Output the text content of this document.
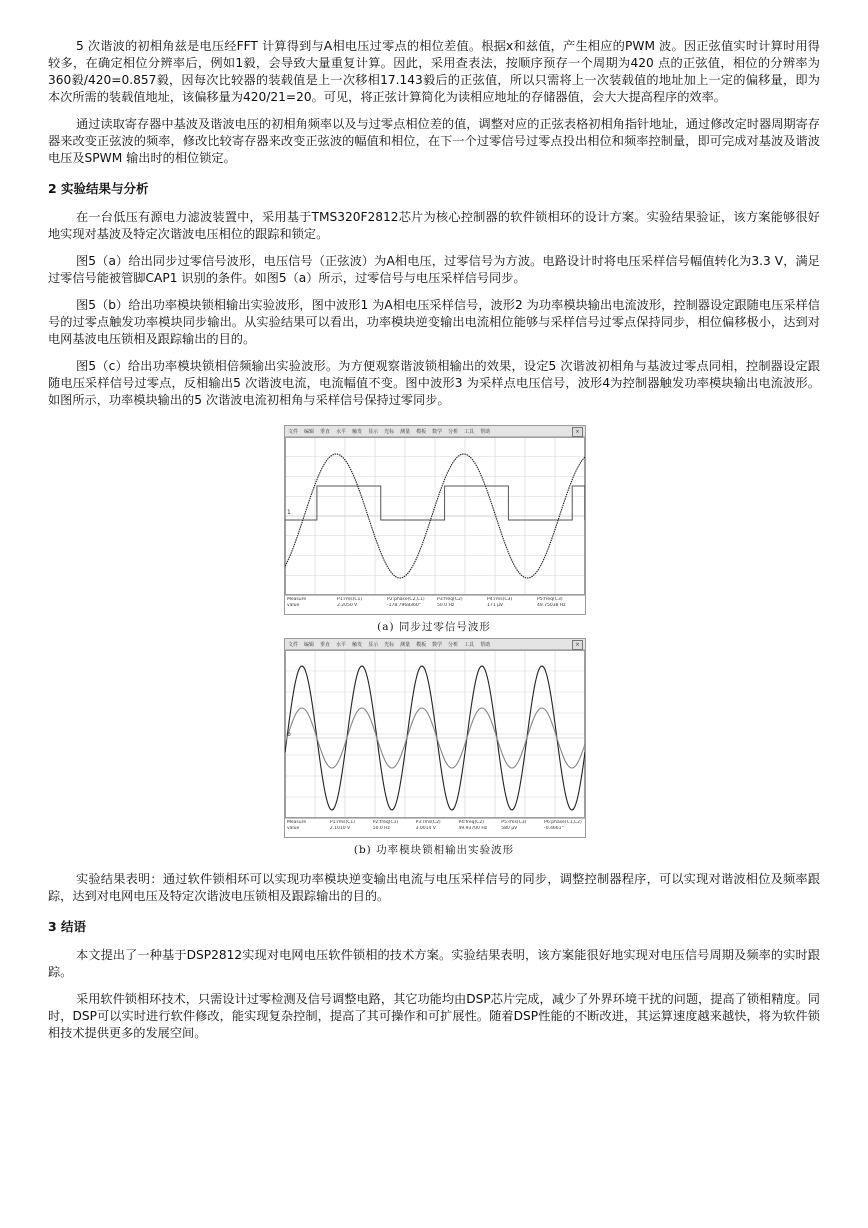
5 次谐波的初相角兹是电压经FFT 计算得到与A相电压过零点的相位差值。根据x和兹值，产生相应的PWM 波。因正弦值实时计算时用得较多，在确定相位分辨率后，例如1毅，会导致大量重复计算。因此，采用查表法，按顺序预存一个周期为420 点的正弦值，相位的分辨率为360毅/420=0.857毅，因每次比较器的装载值是上一次移相17.143毅后的正弦值，所以只需将上一次装载值的地址加上一定的偏移量，即为本次所需的装载值地址，该偏移量为420/21=20。可见，将正弦计算简化为读相应地址的存储器值，会大大提高程序的效率。

通过读取寄存器中基波及谐波电压的初相角频率以及与过零点相位差的值，调整对应的正弦表格初相角指针地址，通过修改定时器周期寄存器来改变正弦波的频率，修改比较寄存器来改变正弦波的幅值和相位，在下一个过零信号过零点投出相位和频率控制量，即可完成对基波及谐波电压及SPWM 输出时的相位锁定。

2 实验结果与分析

在一台低压有源电力滤波装置中，采用基于TMS320F2812芯片为核心控制器的软件锁相环的设计方案。实验结果验证，该方案能够很好地实现对基波及特定次谐波电压相位的跟踪和锁定。

图5（a）给出同步过零信号波形，电压信号（正弦波）为A相电压，过零信号为方波。电路设计时将电压采样信号幅值转化为3.3 V，满足过零信号能被管脚CAP1 识别的条件。如图5（a）所示，过零信号与电压采样信号同步。

图5（b）给出功率模块锁相输出实验波形，图中波形1 为A相电压采样信号，波形2 为功率模块输出电流波形，控制器设定跟随电压采样信号的过零点触发功率模块同步输出。从实验结果可以看出，功率模块逆变输出电流相位能够与采样信号过零点保持同步，相位偏移极小，达到对电网基波电压锁相及跟踪输出的目的。

图5（c）给出功率模块锁相倍频输出实验波形。为方便观察谐波锁相输出的效果，设定5 次谐波初相角与基波过零点同相，控制器设定跟随电压采样信号过零点，反相输出5 次谐波电流，电流幅值不变。图中波形3 为采样点电压信号，波形4为控制器触发功率模块输出电流波形。如图所示，功率模块输出的5 次谐波电流初相角与采样信号保持过零同步。

文件 编辑 垂直 水平 触发 显示 光标 测量 模板 数学 分析 工具 帮助	×
1
Measure
value
P1:rms(C1)
2.2050 V
P2:phase(C2,C1)
-178.7968360°
P3:freq(C2)
50.0 Hz
P4:rms(C3)
171 μV
P5:freq(C3)
49.75038 Hz
(a) 同步过零信号波形
文件 编辑 垂直 水平 触发 显示 光标 测量 模板 数学 分析 工具 帮助	×
b
Measure
value
P1:rms(C1)
2.1010 V
P2:freq(C1)
50.0 Hz
P3:rms(C2)
3.0014 V
P4:freq(C2)
49.93700 Hz
P5:rms(C3)
580 μV
P6:phase(C1,C2)
-0.4661°
(b) 功率模块锁相输出实验波形

实验结果表明：通过软件锁相环可以实现功率模块逆变输出电流与电压采样信号的同步，调整控制器程序，可以实现对谐波相位及频率跟踪，达到对电网电压及特定次谐波电压锁相及跟踪输出的目的。

3 结语

本文提出了一种基于DSP2812实现对电网电压软件锁相的技术方案。实验结果表明，该方案能很好地实现对电压信号周期及频率的实时跟踪。

采用软件锁相环技术，只需设计过零检测及信号调整电路，其它功能均由DSP芯片完成，减少了外界环境干扰的问题，提高了锁相精度。同时，DSP可以实时进行软件修改，能实现复杂控制，提高了其可操作和可扩展性。随着DSP性能的不断改进，其运算速度越来越快，将为软件锁相技术提供更多的发展空间。
